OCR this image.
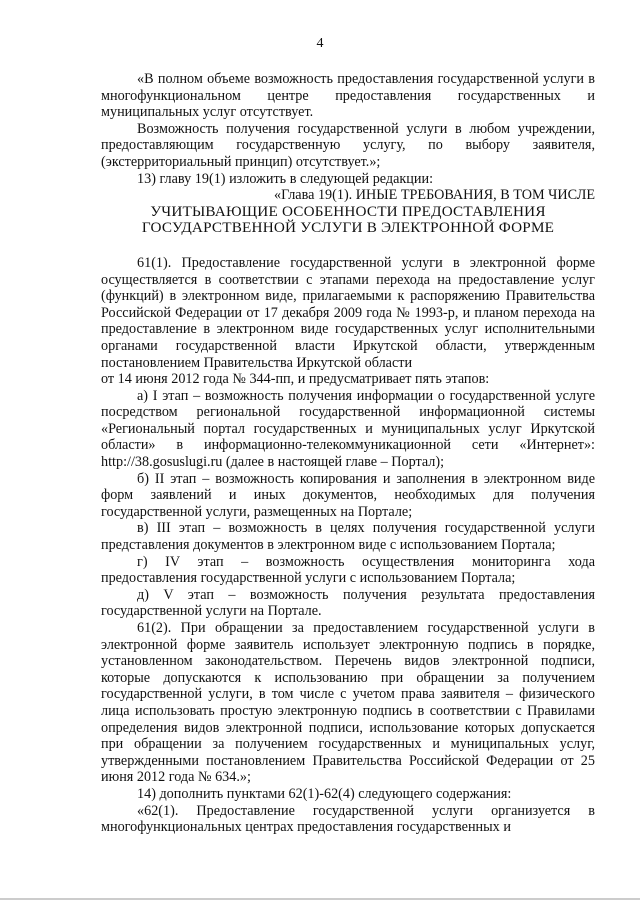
4

«В полном объеме возможность предоставления государственной услуги в многофункциональном центре предоставления государственных и муниципальных услуг отсутствует.

Возможность получения государственной услуги в любом учреждении, предоставляющим государственную услугу, по выбору заявителя, (экстерриториальный принцип) отсутствует.»;

13) главу 19(1) изложить в следующей редакции:

«Глава 19(1). ИНЫЕ ТРЕБОВАНИЯ, В ТОМ ЧИСЛЕ

УЧИТЫВАЮЩИЕ ОСОБЕННОСТИ ПРЕДОСТАВЛЕНИЯ

ГОСУДАРСТВЕННОЙ УСЛУГИ В ЭЛЕКТРОННОЙ ФОРМЕ

61(1). Предоставление государственной услуги в электронной форме осуществляется в соответствии с этапами перехода на предоставление услуг (функций) в электронном виде, прилагаемыми к распоряжению Правительства Российской Федерации от 17 декабря 2009 года № 1993-р, и планом перехода на предоставление в электронном виде государственных услуг исполнительными органами государственной власти Иркутской области, утвержденным постановлением Правительства Иркутской области

от 14 июня 2012 года № 344-пп, и предусматривает пять этапов:

а) I этап – возможность получения информации о государственной услуге посредством региональной государственной информационной системы «Региональный портал государственных и муниципальных услуг Иркутской области» в информационно-телекоммуникационной сети «Интернет»: http://38.gosuslugi.ru (далее в настоящей главе – Портал);

б) II этап – возможность копирования и заполнения в электронном виде форм заявлений и иных документов, необходимых для получения государственной услуги, размещенных на Портале;

в) III этап – возможность в целях получения государственной услуги представления документов в электронном виде с использованием Портала;

г) IV этап – возможность осуществления мониторинга хода предоставления государственной услуги с использованием Портала;

д) V этап – возможность получения результата предоставления государственной услуги на Портале.

61(2). При обращении за предоставлением государственной услуги в электронной форме заявитель использует электронную подпись в порядке, установленном законодательством. Перечень видов электронной подписи, которые допускаются к использованию при обращении за получением государственной услуги, в том числе с учетом права заявителя – физического лица использовать простую электронную подпись в соответствии с Правилами определения видов электронной подписи, использование которых допускается при обращении за получением государственных и муниципальных услуг, утвержденными постановлением Правительства Российской Федерации от 25 июня 2012 года № 634.»;

14) дополнить пунктами 62(1)-62(4) следующего содержания:

«62(1). Предоставление государственной услуги организуется в многофункциональных центрах предоставления государственных и
